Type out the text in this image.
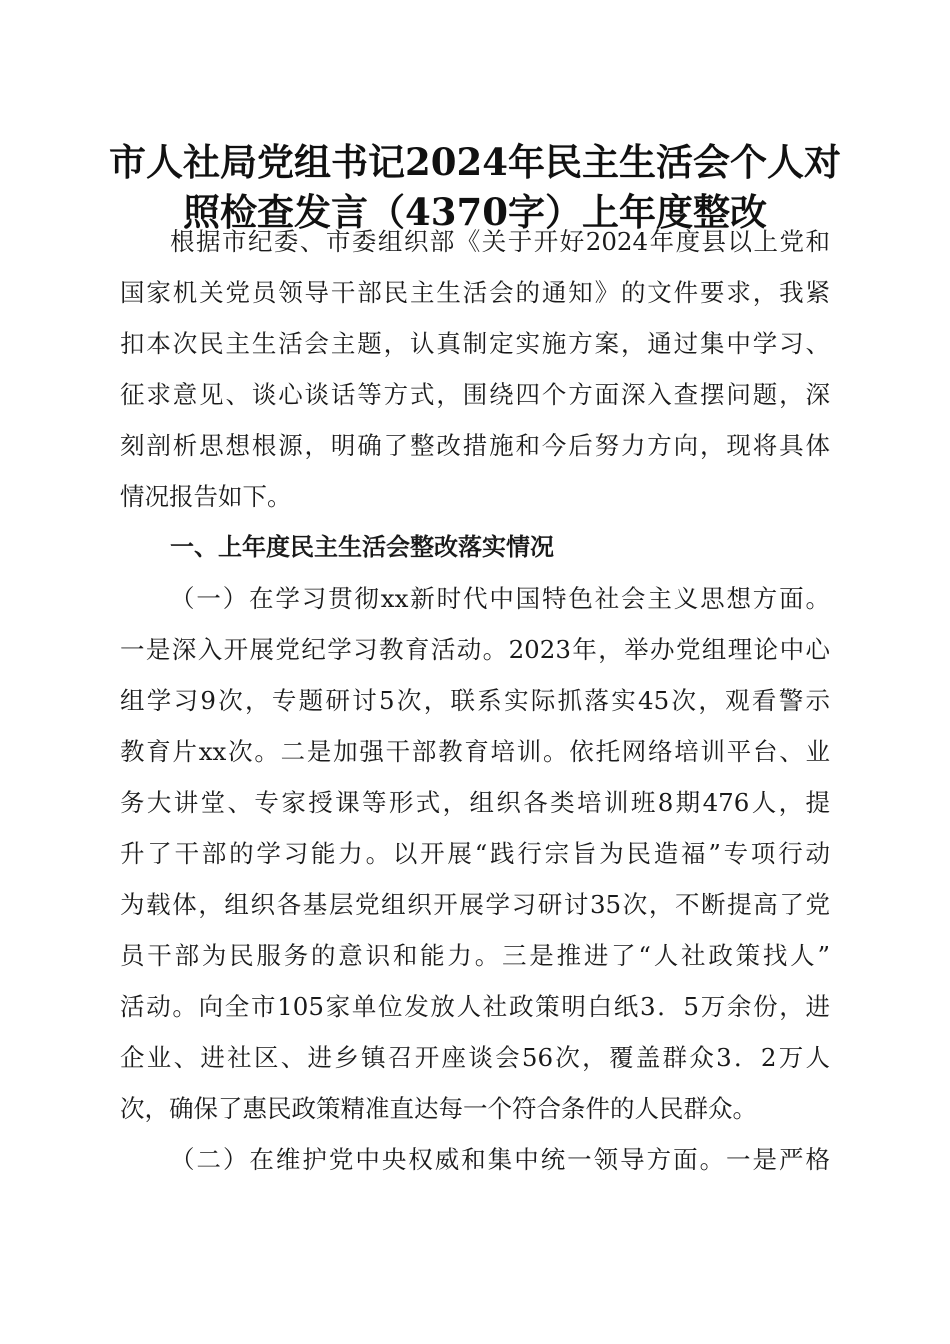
市人社局党组书记2024年民主生活会个人对
照检查发言（4370字）上年度整改
根据市纪委、市委组织部《关于开好2024年度县以上党和
国家机关党员领导干部民主生活会的通知》的文件要求，我紧
扣本次民主生活会主题，认真制定实施方案，通过集中学习、
征求意见、谈心谈话等方式，围绕四个方面深入查摆问题，深
刻剖析思想根源，明确了整改措施和今后努力方向，现将具体
情况报告如下。
一、上年度民主生活会整改落实情况
（一）在学习贯彻xx新时代中国特色社会主义思想方面。
一是深入开展党纪学习教育活动。2023年，举办党组理论中心
组学习9次，专题研讨5次，联系实际抓落实45次，观看警示
教育片xx次。二是加强干部教育培训。依托网络培训平台、业
务大讲堂、专家授课等形式，组织各类培训班8期476人，提
升了干部的学习能力。以开展“践行宗旨为民造福”专项行动
为载体，组织各基层党组织开展学习研讨35次，不断提高了党
员干部为民服务的意识和能力。三是推进了“人社政策找人”
活动。向全市105家单位发放人社政策明白纸3．5万余份，进
企业、进社区、进乡镇召开座谈会56次，覆盖群众3．2万人
次，确保了惠民政策精准直达每一个符合条件的人民群众。
（二）在维护党中央权威和集中统一领导方面。一是严格
